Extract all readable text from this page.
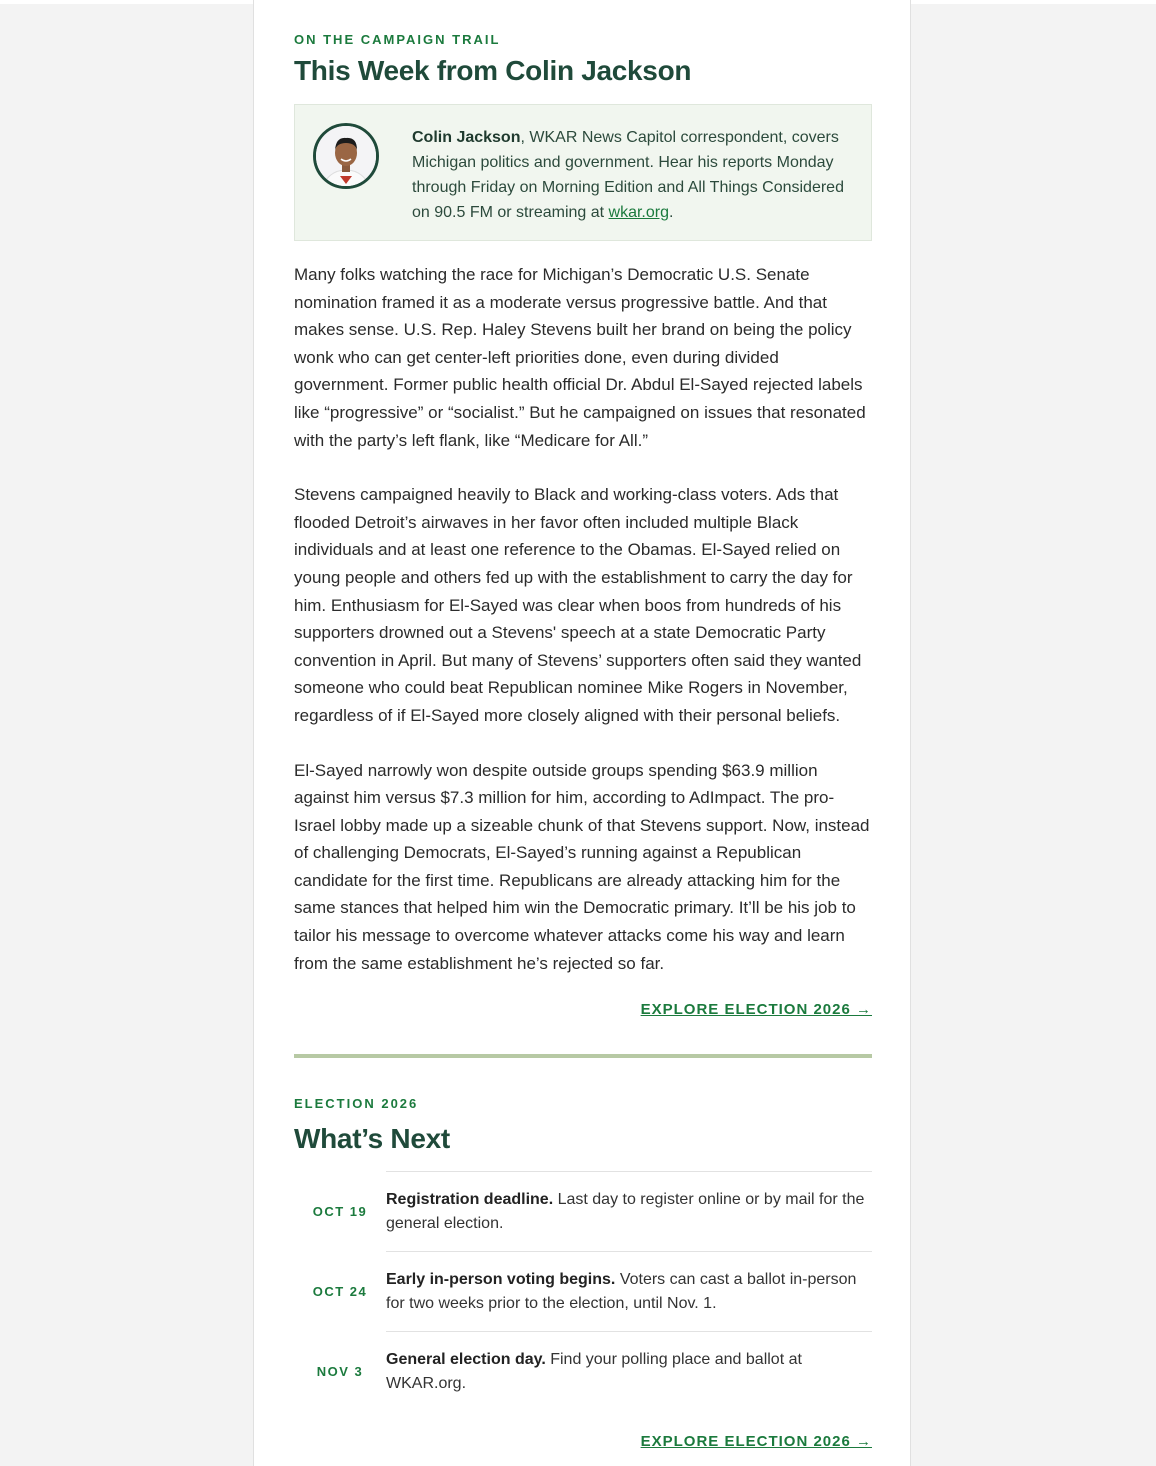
ON THE CAMPAIGN TRAIL

This Week from Colin Jackson
Colin Jackson, WKAR News Capitol correspondent, covers Michigan politics and government. Hear his reports Monday through Friday on Morning Edition and All Things Considered on 90.5 FM or streaming at wkar.org.

Many folks watching the race for Michigan’s Democratic U.S. Senate nomination framed it as a moderate versus progressive battle. And that makes sense. U.S. Rep. Haley Stevens built her brand on being the policy wonk who can get center-left priorities done, even during divided government. Former public health official Dr. Abdul El-Sayed rejected labels like “progressive” or “socialist.” But he campaigned on issues that resonated with the party’s left flank, like “Medicare for All.”

Stevens campaigned heavily to Black and working-class voters. Ads that flooded Detroit’s airwaves in her favor often included multiple Black individuals and at least one reference to the Obamas. El-Sayed relied on young people and others fed up with the establishment to carry the day for him. Enthusiasm for El-Sayed was clear when boos from hundreds of his supporters drowned out a Stevens' speech at a state Democratic Party convention in April. But many of Stevens’ supporters often said they wanted someone who could beat Republican nominee Mike Rogers in November, regardless of if El-Sayed more closely aligned with their personal beliefs.

El-Sayed narrowly won despite outside groups spending $63.9 million against him versus $7.3 million for him, according to AdImpact. The pro-Israel lobby made up a sizeable chunk of that Stevens support. Now, instead of challenging Democrats, El-Sayed’s running against a Republican candidate for the first time. Republicans are already attacking him for the same stances that helped him win the Democratic primary. It’ll be his job to tailor his message to overcome whatever attacks come his way and learn from the same establishment he’s rejected so far.

EXPLORE ELECTION 2026 →

ELECTION 2026

What’s Next
OCT 19
Registration deadline. Last day to register online or by mail for the general election.
OCT 24
Early in-person voting begins. Voters can cast a ballot in-person for two weeks prior to the election, until Nov. 1.
NOV 3
General election day. Find your polling place and ballot at WKAR.org.
EXPLORE ELECTION 2026 →
